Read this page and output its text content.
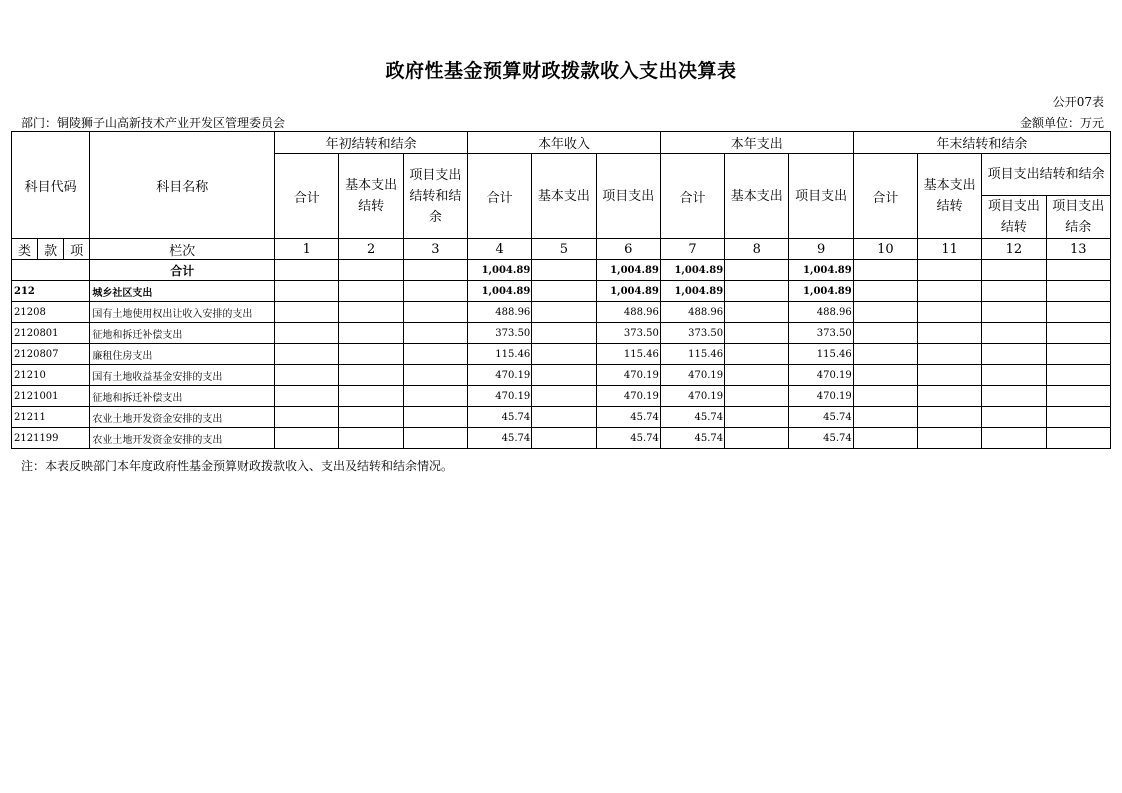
政府性基金预算财政拨款收入支出决算表
公开07表
部门：铜陵狮子山高新技术产业开发区管理委员会	金额单位：万元
科目代码			科目名称	年初结转和结余			本年收入			本年支出			年末结转和结余			
				合计	基本支出结转	项目支出结转和结余	合计	基本支出	项目支出	合计	基本支出	项目支出	合计	基本支出结转	项目支出结转和结余	
															项目支出结转	项目支出结余
类	款	项	栏次	1	2	3	4	5	6	7	8	9	10	11	12	13
			合计				1,004.89		1,004.89	1,004.89		1,004.89				
212			城乡社区支出				1,004.89		1,004.89	1,004.89		1,004.89				
21208			国有土地使用权出让收入安排的支出				488.96		488.96	488.96		488.96				
2120801			征地和拆迁补偿支出				373.50		373.50	373.50		373.50				
2120807			廉租住房支出				115.46		115.46	115.46		115.46				
21210			国有土地收益基金安排的支出				470.19		470.19	470.19		470.19				
2121001			征地和拆迁补偿支出				470.19		470.19	470.19		470.19				
21211			农业土地开发资金安排的支出				45.74		45.74	45.74		45.74				
2121199			农业土地开发资金安排的支出				45.74		45.74	45.74		45.74				
注：本表反映部门本年度政府性基金预算财政拨款收入、支出及结转和结余情况。
